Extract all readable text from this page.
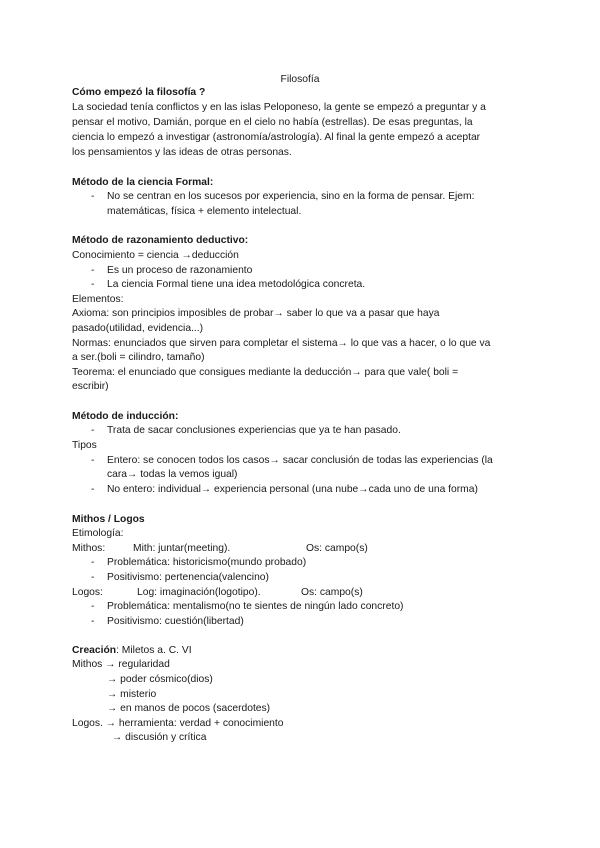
Filosofía
Cómo empezó la filosofía ?
La sociedad tenía conflictos y en las islas Peloponeso, la gente se empezó a preguntar y a
pensar el motivo, Damián, porque en el cielo no había (estrellas). De esas preguntas, la
ciencia lo empezó a investigar (astronomía/astrología). Al final la gente empezó a aceptar
los pensamientos y las ideas de otras personas.
Método de la ciencia Formal:
- No se centran en los sucesos por experiencia, sino en la forma de pensar. Ejem:
matemáticas, física + elemento intelectual.
Método de razonamiento deductivo:
Conocimiento = ciencia →deducción
- Es un proceso de razonamiento
- La ciencia Formal tiene una idea metodológica concreta.
Elementos:
Axioma: son principios imposibles de probar→ saber lo que va a pasar que haya
pasado(utilidad, evidencia...)
Normas: enunciados que sirven para completar el sistema→ lo que vas a hacer, o lo que va
a ser.(boli = cilindro, tamaño)
Teorema: el enunciado que consigues mediante la deducción→ para que vale( boli =
escribir)
Método de inducción:
- Trata de sacar conclusiones experiencias que ya te han pasado.
Tipos
- Entero: se conocen todos los casos→ sacar conclusión de todas las experiencias (la
cara→ todas la vemos igual)
- No entero: individual→ experiencia personal (una nube→cada uno de una forma)
Mithos / Logos
Etimología:
Mithos:	Mith: juntar(meeting).	Os: campo(s)
- Problemática: historicismo(mundo probado)
- Positivismo: pertenencia(valencino)
Logos:	Log: imaginación(logotipo).	Os: campo(s)
- Problemática: mentalismo(no te sientes de ningún lado concreto)
- Positivismo: cuestión(libertad)
Creación: Miletos a. C. VI
Mithos → regularidad
→ poder cósmico(dios)
→ misterio
→ en manos de pocos (sacerdotes)
Logos. → herramienta: verdad + conocimiento
→ discusión y crítica
